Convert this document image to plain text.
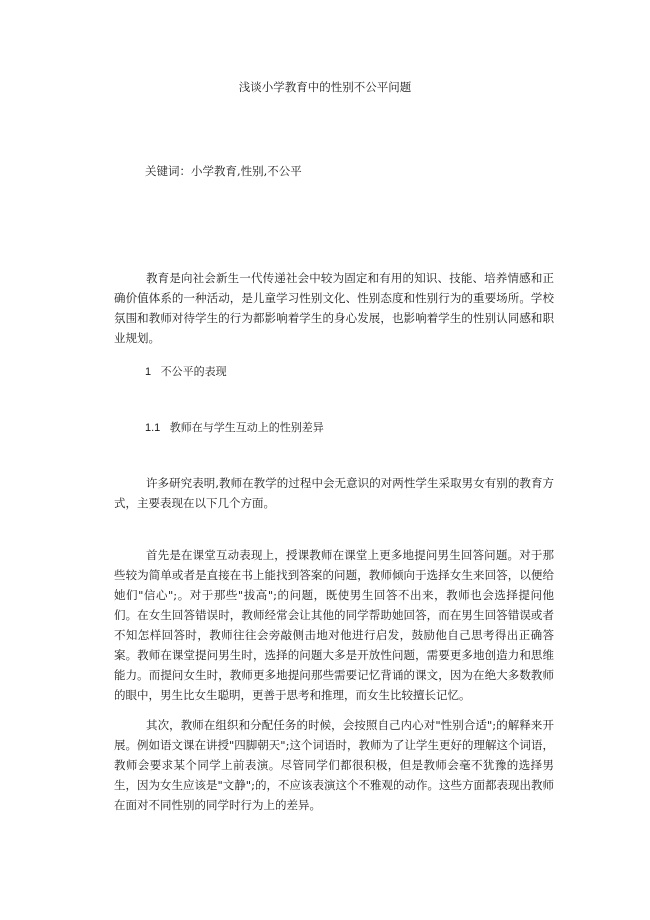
浅谈小学教育中的性别不公平问题
关键词：小学教育,性别,不公平

教育是向社会新生一代传递社会中较为固定和有用的知识、技能、培养情感和正确价值体系的一种活动，是儿童学习性别文化、性别态度和性别行为的重要场所。学校氛围和教师对待学生的行为都影响着学生的身心发展，也影响着学生的性别认同感和职业规划。

1 不公平的表现
1.1 教师在与学生互动上的性别差异

许多研究表明,教师在教学的过程中会无意识的对两性学生采取男女有别的教育方式，主要表现在以下几个方面。

首先是在课堂互动表现上，授课教师在课堂上更多地提问男生回答问题。对于那些较为简单或者是直接在书上能找到答案的问题，教师倾向于选择女生来回答，以便给她们"信心";。对于那些"拔高";的问题，既使男生回答不出来，教师也会选择提问他们。在女生回答错误时，教师经常会让其他的同学帮助她回答，而在男生回答错误或者不知怎样回答时，教师往往会旁敲侧击地对他进行启发，鼓励他自己思考得出正确答案。教师在课堂提问男生时，选择的问题大多是开放性问题，需要更多地创造力和思维能力。而提问女生时，教师更多地提问那些需要记忆背诵的课文，因为在绝大多数教师的眼中，男生比女生聪明，更善于思考和推理，而女生比较擅长记忆。

其次，教师在组织和分配任务的时候，会按照自己内心对"性别合适";的解释来开展。例如语文课在讲授"四脚朝天";这个词语时，教师为了让学生更好的理解这个词语，教师会要求某个同学上前表演。尽管同学们都很积极，但是教师会毫不犹豫的选择男生，因为女生应该是"文静";的，不应该表演这个不雅观的动作。这些方面都表现出教师在面对不同性别的同学时行为上的差异。
